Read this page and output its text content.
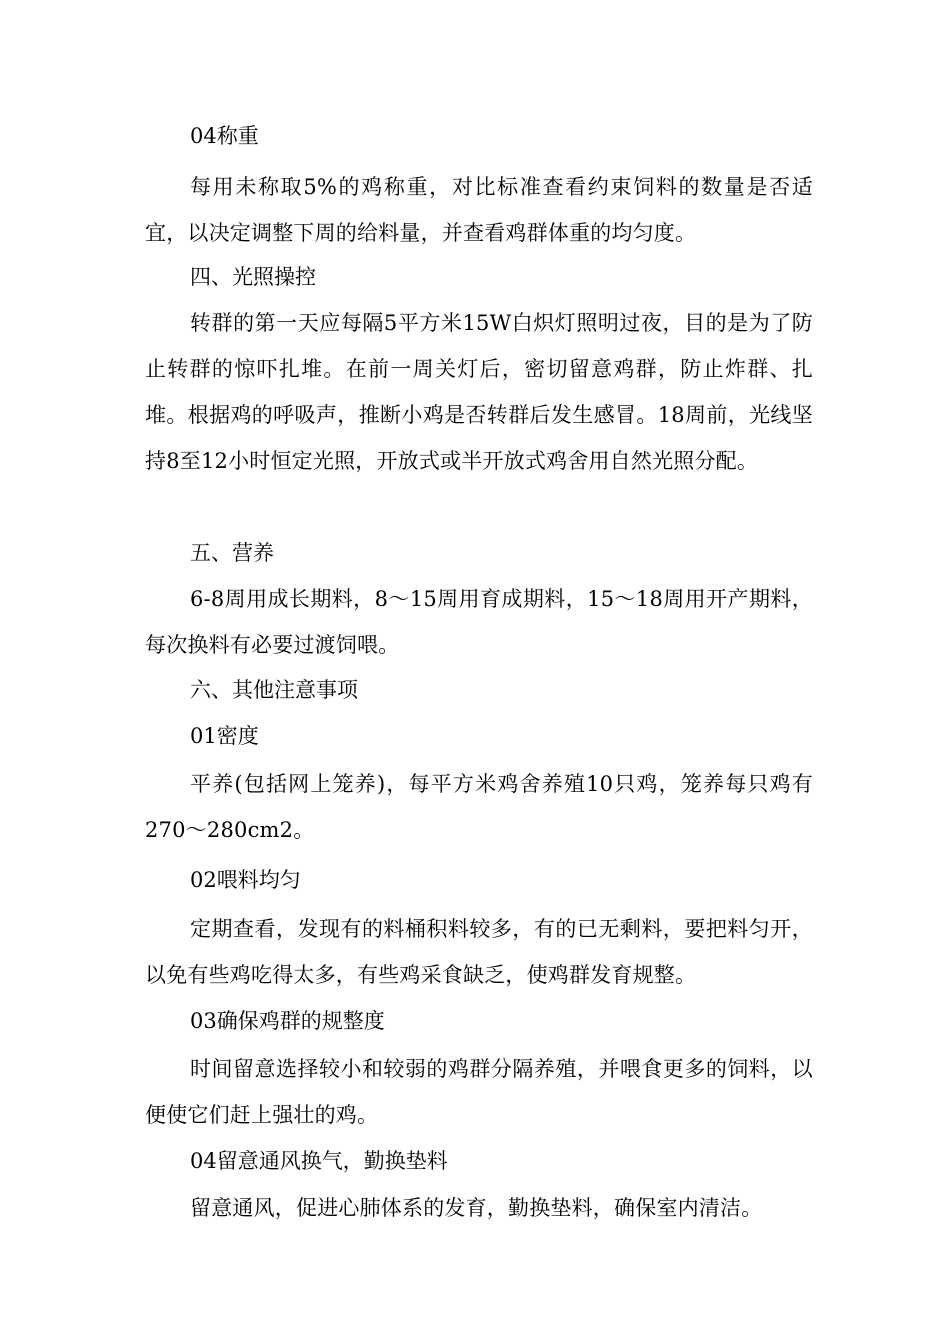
04称重

每用未称取5%的鸡称重，对比标准查看约束饲料的数量是否适宜，以决定调整下周的给料量，并查看鸡群体重的均匀度。

四、光照操控

转群的第一天应每隔5平方米15W白炽灯照明过夜，目的是为了防止转群的惊吓扎堆。在前一周关灯后，密切留意鸡群，防止炸群、扎堆。根据鸡的呼吸声，推断小鸡是否转群后发生感冒。18周前，光线坚持8至12小时恒定光照，开放式或半开放式鸡舍用自然光照分配。

五、营养

6-8周用成长期料，8～15周用育成期料，15～18周用开产期料，每次换料有必要过渡饲喂。

六、其他注意事项

01密度

平养(包括网上笼养)，每平方米鸡舍养殖10只鸡，笼养每只鸡有270～280cm2。

02喂料均匀

定期查看，发现有的料桶积料较多，有的已无剩料，要把料匀开，以免有些鸡吃得太多，有些鸡采食缺乏，使鸡群发育规整。

03确保鸡群的规整度

时间留意选择较小和较弱的鸡群分隔养殖，并喂食更多的饲料，以便使它们赶上强壮的鸡。

04留意通风换气，勤换垫料

留意通风，促进心肺体系的发育，勤换垫料，确保室内清洁。
